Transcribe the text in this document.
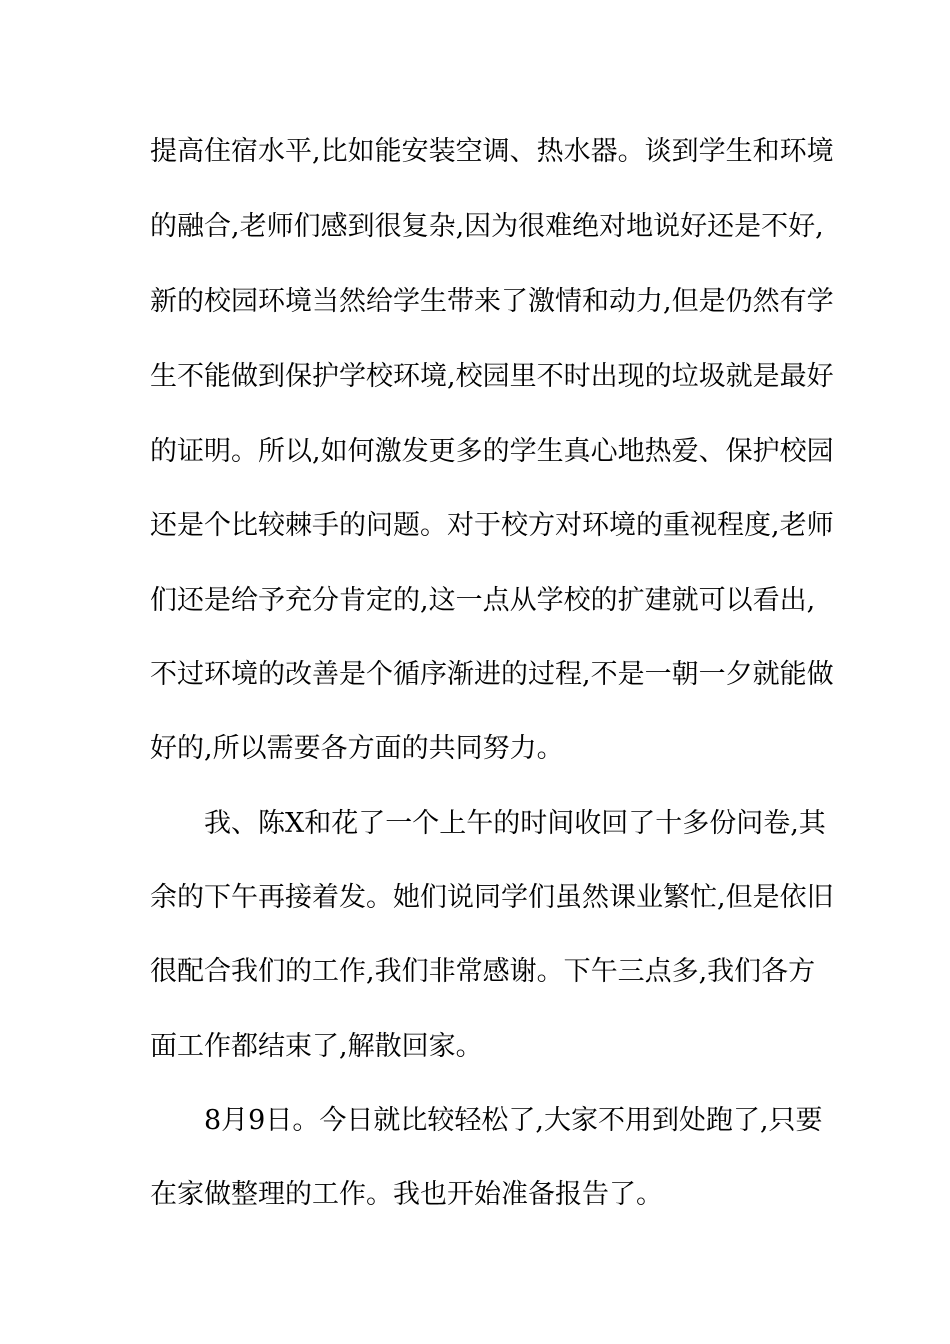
提高住宿水平,比如能安装空调、热水器。谈到学生和环境

的融合,老师们感到很复杂,因为很难绝对地说好还是不好,

新的校园环境当然给学生带来了激情和动力,但是仍然有学

生不能做到保护学校环境,校园里不时出现的垃圾就是最好

的证明。所以,如何激发更多的学生真心地热爱、保护校园

还是个比较棘手的问题。对于校方对环境的重视程度,老师

们还是给予充分肯定的,这一点从学校的扩建就可以看出,

不过环境的改善是个循序渐进的过程,不是一朝一夕就能做

好的,所以需要各方面的共同努力。

我、陈X和花了一个上午的时间收回了十多份问卷,其

余的下午再接着发。她们说同学们虽然课业繁忙,但是依旧

很配合我们的工作,我们非常感谢。下午三点多,我们各方

面工作都结束了,解散回家。

8月9日。今日就比较轻松了,大家不用到处跑了,只要

在家做整理的工作。我也开始准备报告了。
